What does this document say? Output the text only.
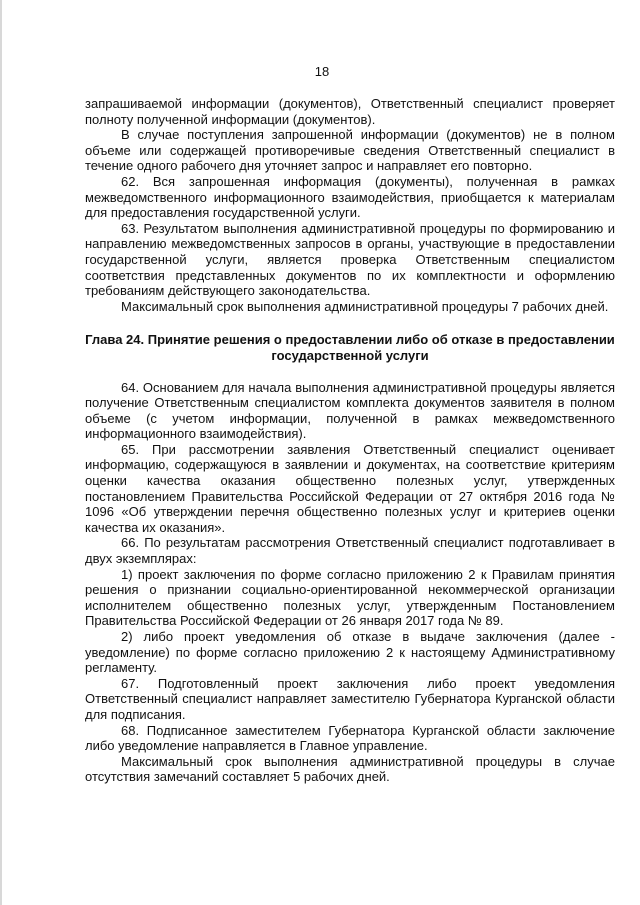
18

запрашиваемой информации (документов), Ответственный специалист проверяет полноту полученной информации (документов).

В случае поступления запрошенной информации (документов) не в полном объеме или содержащей противоречивые сведения Ответственный специалист в течение одного рабочего дня уточняет запрос и направляет его повторно.

62. Вся запрошенная информация (документы), полученная в рамках межведомственного информационного взаимодействия, приобщается к материалам для предоставления государственной услуги.

63. Результатом выполнения административной процедуры по формированию и направлению межведомственных запросов в органы, участвующие в предоставлении государственной услуги, является проверка Ответственным специалистом соответствия представленных документов по их комплектности и оформлению требованиям действующего законодательства.

Максимальный срок выполнения административной процедуры 7 рабочих дней.

Глава 24. Принятие решения о предоставлении либо об отказе в предоставлении государственной услуги

64. Основанием для начала выполнения административной процедуры является получение Ответственным специалистом комплекта документов заявителя в полном объеме (с учетом информации, полученной в рамках межведомственного информационного взаимодействия).

65. При рассмотрении заявления Ответственный специалист оценивает информацию, содержащуюся в заявлении и документах, на соответствие критериям оценки качества оказания общественно полезных услуг, утвержденных постановлением Правительства Российской Федерации от 27 октября 2016 года № 1096 «Об утверждении перечня общественно полезных услуг и критериев оценки качества их оказания».

66. По результатам рассмотрения Ответственный специалист подготавливает в двух экземплярах:

1) проект заключения по форме согласно приложению 2 к Правилам принятия решения о признании социально-ориентированной некоммерческой организации исполнителем общественно полезных услуг, утвержденным Постановлением Правительства Российской Федерации от 26 января 2017 года № 89.

2) либо проект уведомления об отказе в выдаче заключения (далее - уведомление) по форме согласно приложению 2 к настоящему Административному регламенту.

67. Подготовленный проект заключения либо проект уведомления Ответственный специалист направляет заместителю Губернатора Курганской области для подписания.

68. Подписанное заместителем Губернатора Курганской области заключение либо уведомление направляется в Главное управление.

Максимальный срок выполнения административной процедуры в случае отсутствия замечаний составляет 5 рабочих дней.
